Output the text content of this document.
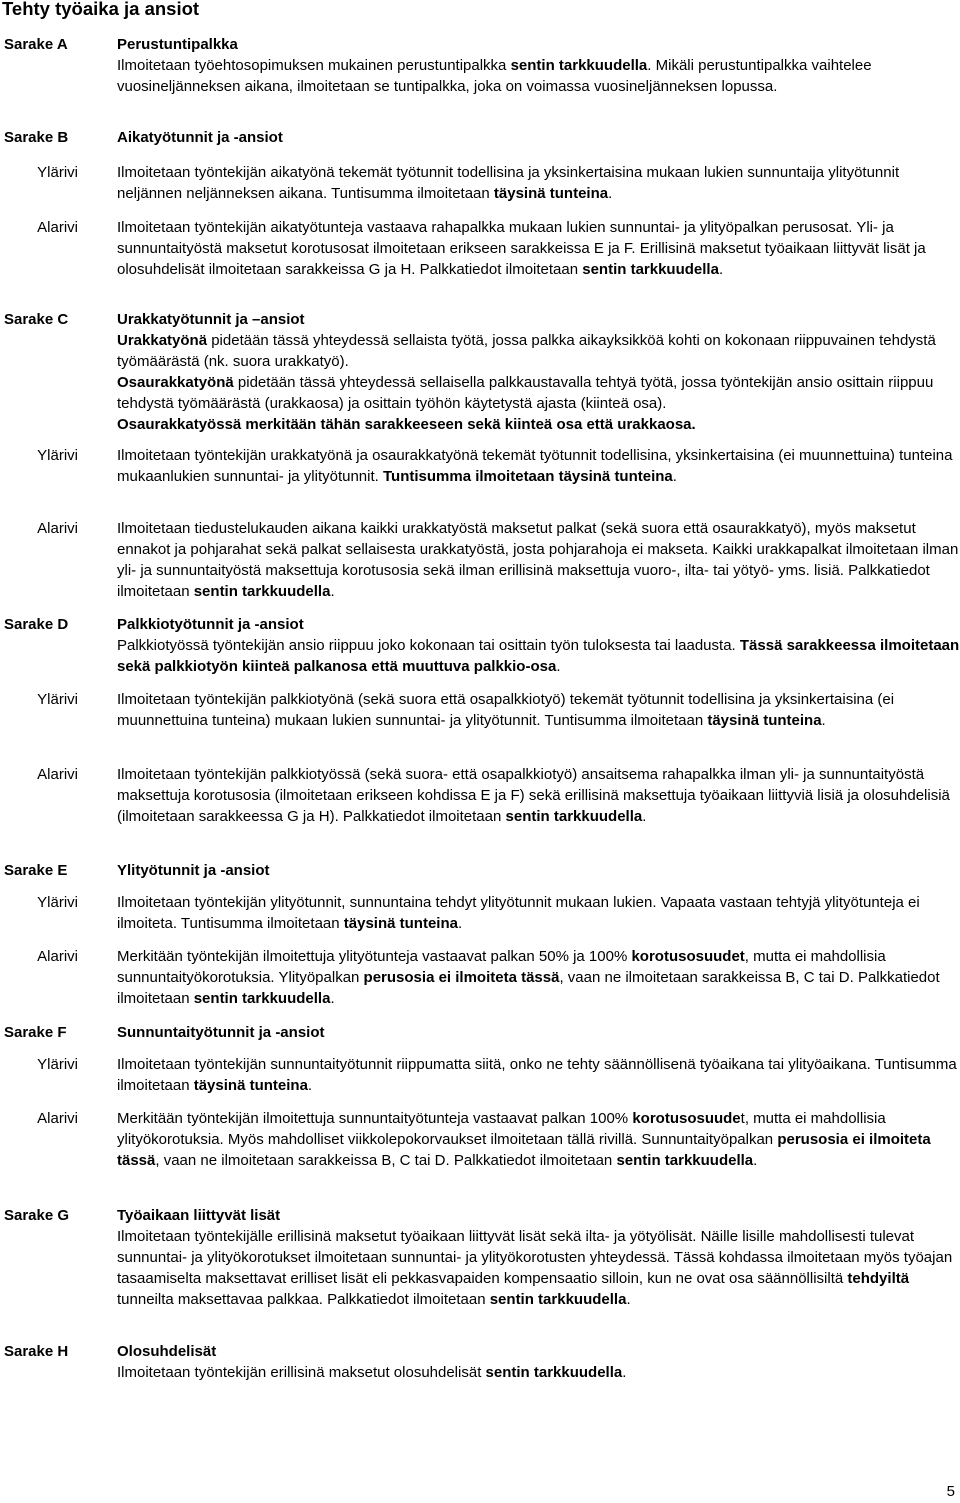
Tehty työaika ja ansiot
Sarake A
Sarake B
Ylärivi
Alarivi
Sarake C
Ylärivi
Alarivi
Sarake D
Ylärivi
Alarivi
Sarake E
Ylärivi
Alarivi
Sarake F
Ylärivi
Alarivi
Sarake G
Sarake H
Perustuntipalkka

Ilmoitetaan työehtosopimuksen mukainen perustuntipalkka sentin tarkkuudella. Mikäli perustuntipalkka vaihtelee vuosineljänneksen aikana, ilmoitetaan se tuntipalkka, joka on voimassa vuosineljänneksen lopussa.

Aikatyötunnit ja -ansiot

Ilmoitetaan työntekijän aikatyönä tekemät työtunnit todellisina ja yksinkertaisina mukaan lukien sunnuntaija ylityötunnit neljännen neljänneksen aikana. Tuntisumma ilmoitetaan täysinä tunteina.

Ilmoitetaan työntekijän aikatyötunteja vastaava rahapalkka mukaan lukien sunnuntai- ja ylityöpalkan perusosat. Yli- ja sunnuntaityöstä maksetut korotusosat ilmoitetaan erikseen sarakkeissa E ja F. Erillisinä maksetut työaikaan liittyvät lisät ja olosuhdelisät ilmoitetaan sarakkeissa G ja H. Palkkatiedot ilmoitetaan sentin tarkkuudella.

Urakkatyötunnit ja –ansiot

Urakkatyönä pidetään tässä yhteydessä sellaista työtä, jossa palkka aikayksikköä kohti on kokonaan riippuvainen tehdystä työmäärästä (nk. suora urakkatyö).

Osaurakkatyönä pidetään tässä yhteydessä sellaisella palkkaustavalla tehtyä työtä, jossa työntekijän ansio osittain riippuu tehdystä työmäärästä (urakkaosa) ja osittain työhön käytetystä ajasta (kiinteä osa).

Osaurakkatyössä merkitään tähän sarakkeeseen sekä kiinteä osa että urakkaosa.

Ilmoitetaan työntekijän urakkatyönä ja osaurakkatyönä tekemät työtunnit todellisina, yksinkertaisina (ei muunnettuina) tunteina mukaanlukien sunnuntai- ja ylityötunnit. Tuntisumma ilmoitetaan täysinä tunteina.

Ilmoitetaan tiedustelukauden aikana kaikki urakkatyöstä maksetut palkat (sekä suora että osaurakkatyö), myös maksetut ennakot ja pohjarahat sekä palkat sellaisesta urakkatyöstä, josta pohjarahoja ei makseta. Kaikki urakkapalkat ilmoitetaan ilman yli- ja sunnuntaityöstä maksettuja korotusosia sekä ilman erillisinä maksettuja vuoro-, ilta- tai yötyö- yms. lisiä. Palkkatiedot ilmoitetaan sentin tarkkuudella.

Palkkiotyötunnit ja -ansiot

Palkkiotyössä työntekijän ansio riippuu joko kokonaan tai osittain työn tuloksesta tai laadusta. Tässä sarakkeessa ilmoitetaan sekä palkkiotyön kiinteä palkanosa että muuttuva palkkio-osa.

Ilmoitetaan työntekijän palkkiotyönä (sekä suora että osapalkkiotyö) tekemät työtunnit todellisina ja yksinkertaisina (ei muunnettuina tunteina) mukaan lukien sunnuntai- ja ylityötunnit. Tuntisumma ilmoitetaan täysinä tunteina.

Ilmoitetaan työntekijän palkkiotyössä (sekä suora- että osapalkkiotyö) ansaitsema rahapalkka ilman yli- ja sunnuntaityöstä maksettuja korotusosia (ilmoitetaan erikseen kohdissa E ja F) sekä erillisinä maksettuja työaikaan liittyviä lisiä ja olosuhdelisiä (ilmoitetaan sarakkeessa G ja H). Palkkatiedot ilmoitetaan sentin tarkkuudella.

Ylityötunnit ja -ansiot

Ilmoitetaan työntekijän ylityötunnit, sunnuntaina tehdyt ylityötunnit mukaan lukien. Vapaata vastaan tehtyjä ylityötunteja ei ilmoiteta. Tuntisumma ilmoitetaan täysinä tunteina.

Merkitään työntekijän ilmoitettuja ylityötunteja vastaavat palkan 50% ja 100% korotusosuudet, mutta ei mahdollisia sunnuntaityökorotuksia. Ylityöpalkan perusosia ei ilmoiteta tässä, vaan ne ilmoitetaan sarakkeissa B, C tai D. Palkkatiedot ilmoitetaan sentin tarkkuudella.

Sunnuntaityötunnit ja -ansiot

Ilmoitetaan työntekijän sunnuntaityötunnit riippumatta siitä, onko ne tehty säännöllisenä työaikana tai ylityöaikana. Tuntisumma ilmoitetaan täysinä tunteina.

Merkitään työntekijän ilmoitettuja sunnuntaityötunteja vastaavat palkan 100% korotusosuudet, mutta ei mahdollisia ylityökorotuksia. Myös mahdolliset viikkolepokorvaukset ilmoitetaan tällä rivillä. Sunnuntaityöpalkan perusosia ei ilmoiteta tässä, vaan ne ilmoitetaan sarakkeissa B, C tai D. Palkkatiedot ilmoitetaan sentin tarkkuudella.

Työaikaan liittyvät lisät

Ilmoitetaan työntekijälle erillisinä maksetut työaikaan liittyvät lisät sekä ilta- ja yötyölisät. Näille lisille mahdollisesti tulevat sunnuntai- ja ylityökorotukset ilmoitetaan sunnuntai- ja ylityökorotusten yhteydessä. Tässä kohdassa ilmoitetaan myös työajan tasaamiselta maksettavat erilliset lisät eli pekkasvapaiden kompensaatio silloin, kun ne ovat osa säännöllisiltä tehdyiltä tunneilta maksettavaa palkkaa. Palkkatiedot ilmoitetaan sentin tarkkuudella.

Olosuhdelisät

Ilmoitetaan työntekijän erillisinä maksetut olosuhdelisät sentin tarkkuudella.

5
